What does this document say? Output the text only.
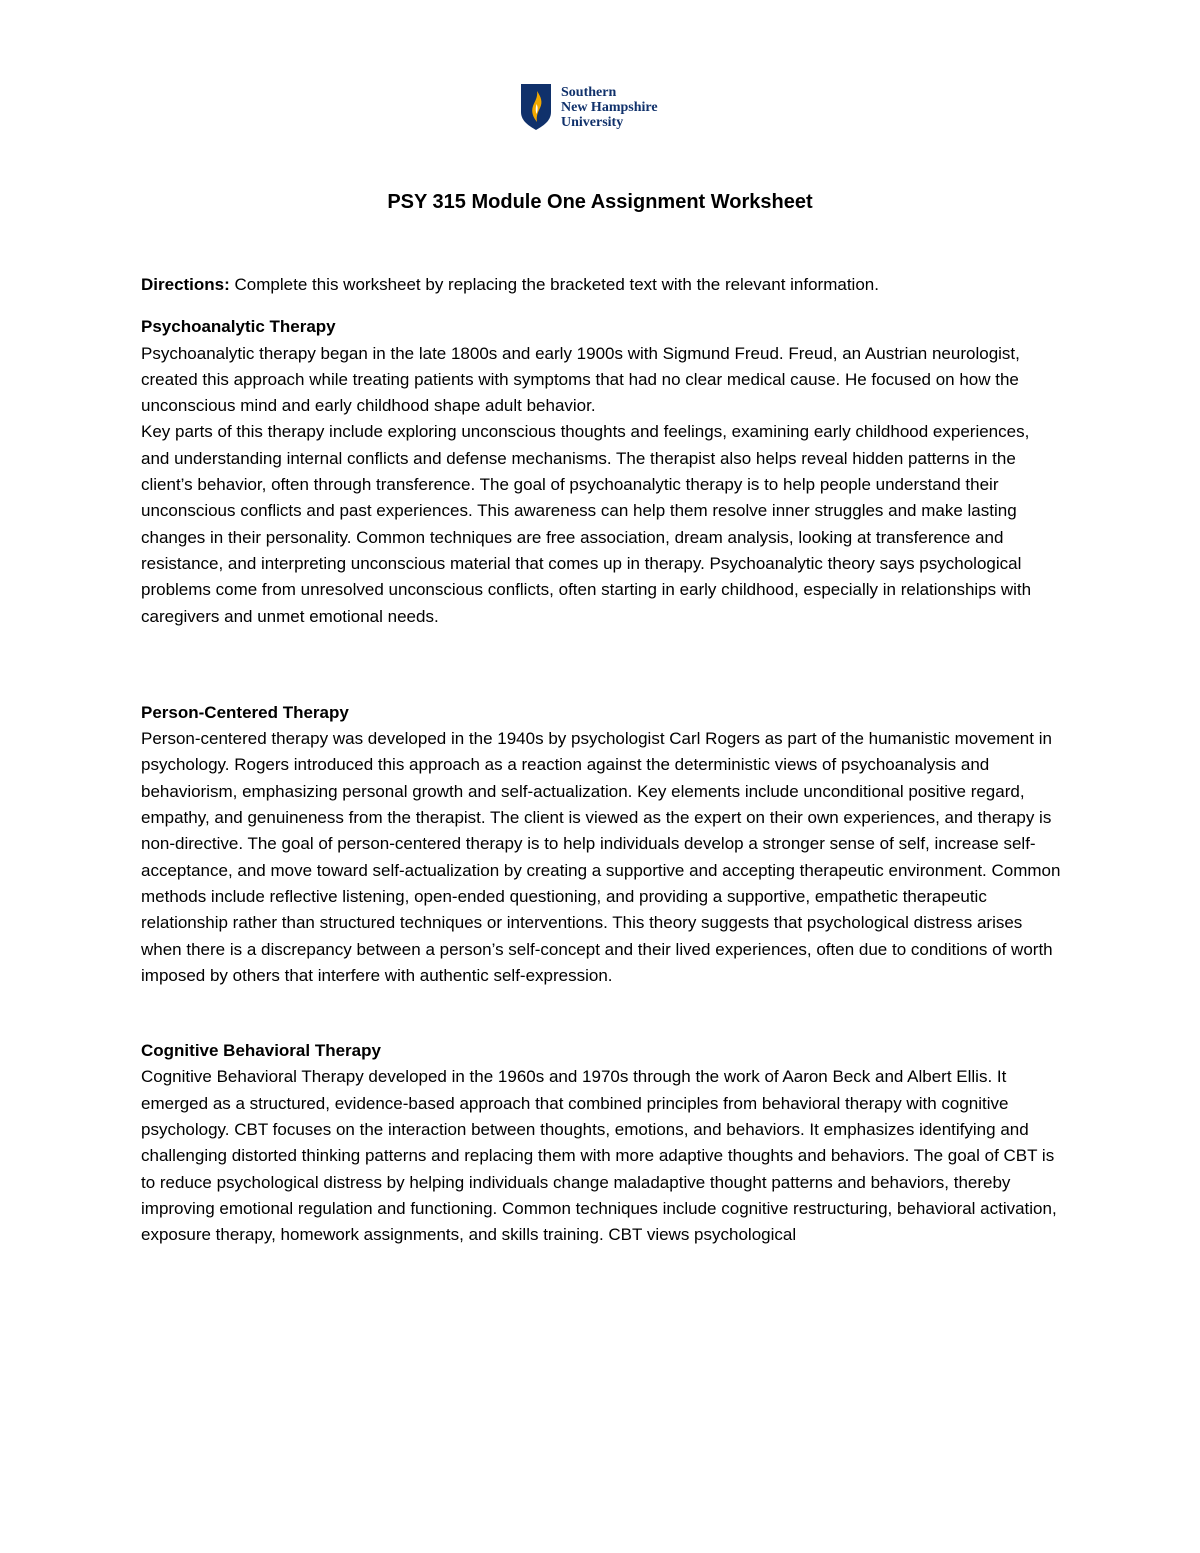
Southern
New Hampshire
University
PSY 315 Module One Assignment Worksheet

Directions: Complete this worksheet by replacing the bracketed text with the relevant information.

Psychoanalytic Therapy

Psychoanalytic therapy began in the late 1800s and early 1900s with Sigmund Freud. Freud, an Austrian neurologist, created this approach while treating patients with symptoms that had no clear medical cause. He focused on how the unconscious mind and early childhood shape adult behavior.

Key parts of this therapy include exploring unconscious thoughts and feelings, examining early childhood experiences, and understanding internal conflicts and defense mechanisms. The therapist also helps reveal hidden patterns in the client’s behavior, often through transference. The goal of psychoanalytic therapy is to help people understand their unconscious conflicts and past experiences. This awareness can help them resolve inner struggles and make lasting changes in their personality. Common techniques are free association, dream analysis, looking at transference and resistance, and interpreting unconscious material that comes up in therapy. Psychoanalytic theory says psychological problems come from unresolved unconscious conflicts, often starting in early childhood, especially in relationships with caregivers and unmet emotional needs.

Person-Centered Therapy

Person-centered therapy was developed in the 1940s by psychologist Carl Rogers as part of the humanistic movement in psychology. Rogers introduced this approach as a reaction against the deterministic views of psychoanalysis and behaviorism, emphasizing personal growth and self-actualization. Key elements include unconditional positive regard, empathy, and genuineness from the therapist. The client is viewed as the expert on their own experiences, and therapy is non-directive. The goal of person-centered therapy is to help individuals develop a stronger sense of self, increase self-acceptance, and move toward self-actualization by creating a supportive and accepting therapeutic environment. Common methods include reflective listening, open-ended questioning, and providing a supportive, empathetic therapeutic relationship rather than structured techniques or interventions. This theory suggests that psychological distress arises when there is a discrepancy between a person’s self-concept and their lived experiences, often due to conditions of worth imposed by others that interfere with authentic self-expression.

Cognitive Behavioral Therapy

Cognitive Behavioral Therapy developed in the 1960s and 1970s through the work of Aaron Beck and Albert Ellis. It emerged as a structured, evidence-based approach that combined principles from behavioral therapy with cognitive psychology. CBT focuses on the interaction between thoughts, emotions, and behaviors. It emphasizes identifying and challenging distorted thinking patterns and replacing them with more adaptive thoughts and behaviors. The goal of CBT is to reduce psychological distress by helping individuals change maladaptive thought patterns and behaviors, thereby improving emotional regulation and functioning. Common techniques include cognitive restructuring, behavioral activation, exposure therapy, homework assignments, and skills training. CBT views psychological
